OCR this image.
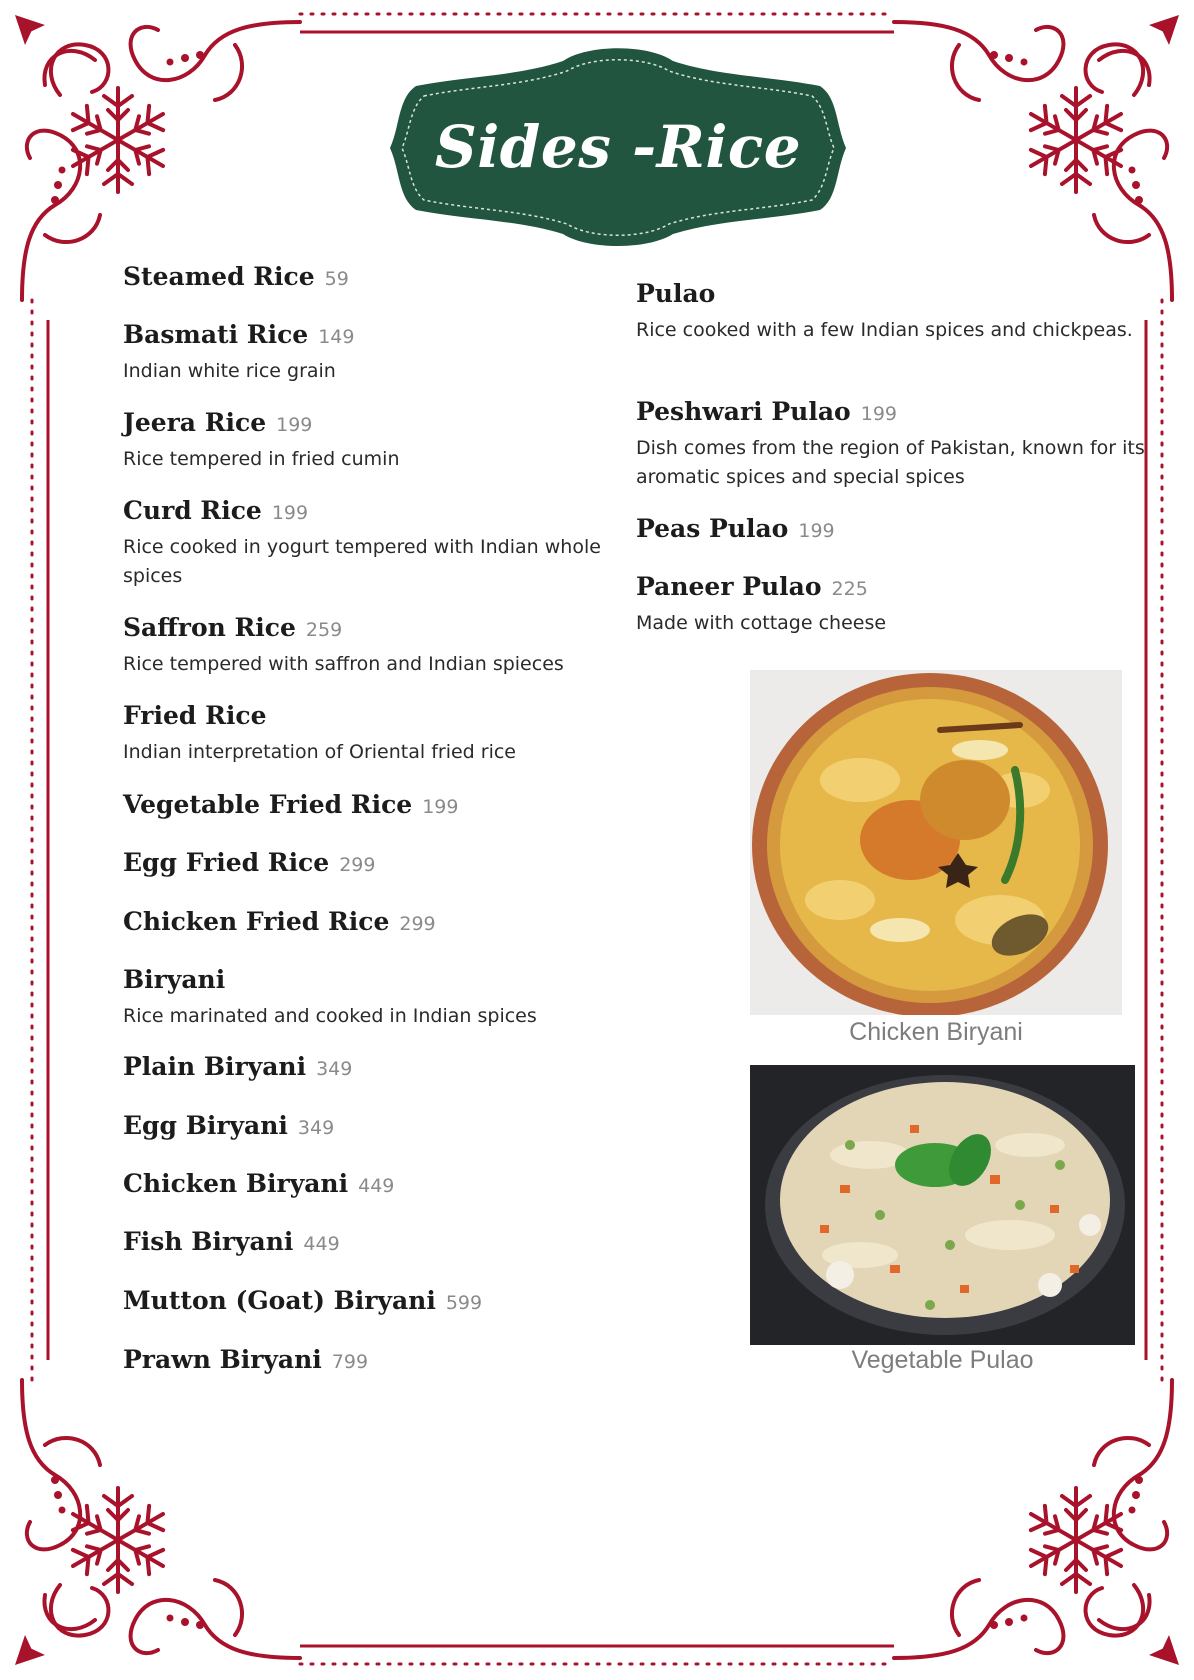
Sides -Rice
Steamed Rice 59
Basmati Rice 149
Indian white rice grain
Jeera Rice 199
Rice tempered in fried cumin
Curd Rice 199
Rice cooked in yogurt tempered with Indian whole spices
Saffron Rice 259
Rice tempered with saffron and Indian spieces
Fried Rice
Indian interpretation of Oriental fried rice
Vegetable Fried Rice 199
Egg Fried Rice 299
Chicken Fried Rice 299
Biryani
Rice marinated and cooked in Indian spices
Plain Biryani 349
Egg Biryani 349
Chicken Biryani 449
Fish Biryani 449
Mutton (Goat) Biryani 599
Prawn Biryani 799
Pulao
Rice cooked with a few Indian spices and chickpeas.
Peshwari Pulao 199
Dish comes from the region of Pakistan, known for its aromatic spices and special spices
Peas Pulao 199
Paneer Pulao 225
Made with cottage cheese
Chicken Biryani
Vegetable Pulao
